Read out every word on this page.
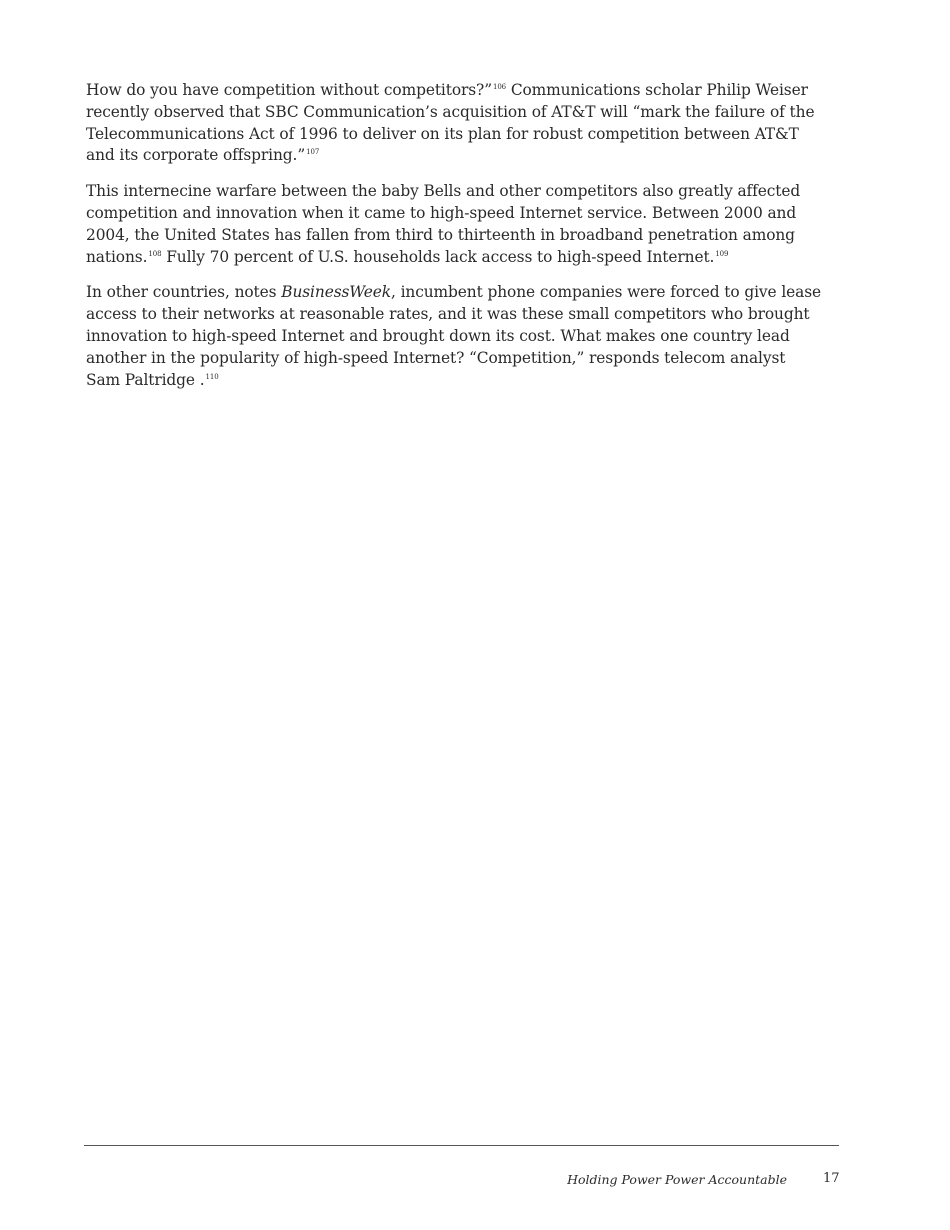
How do you have competition without competitors?”$^{106}$ Communications scholar Philip Weiser recently observed that SBC Communication’s acquisition of AT&T will “mark the failure of the Telecommunications Act of 1996 to deliver on its plan for robust competition between AT&T and its corporate offspring.”$^{107}$

This internecine warfare between the baby Bells and other competitors also greatly affected competition and innovation when it came to high-speed Internet service. Between 2000 and 2004, the United States has fallen from third to thirteenth in broadband penetration among nations.$^{108}$ Fully 70 percent of U.S. households lack access to high-speed Internet.$^{109}$

In other countries, notes BusinessWeek, incumbent phone companies were forced to give lease access to their networks at reasonable rates, and it was these small competitors who brought innovation to high-speed Internet and brought down its cost. What makes one country lead another in the popularity of high-speed Internet? “Competition,” responds telecom analyst Sam Paltridge .$^{110}$

Holding Power Power Accountable	17
